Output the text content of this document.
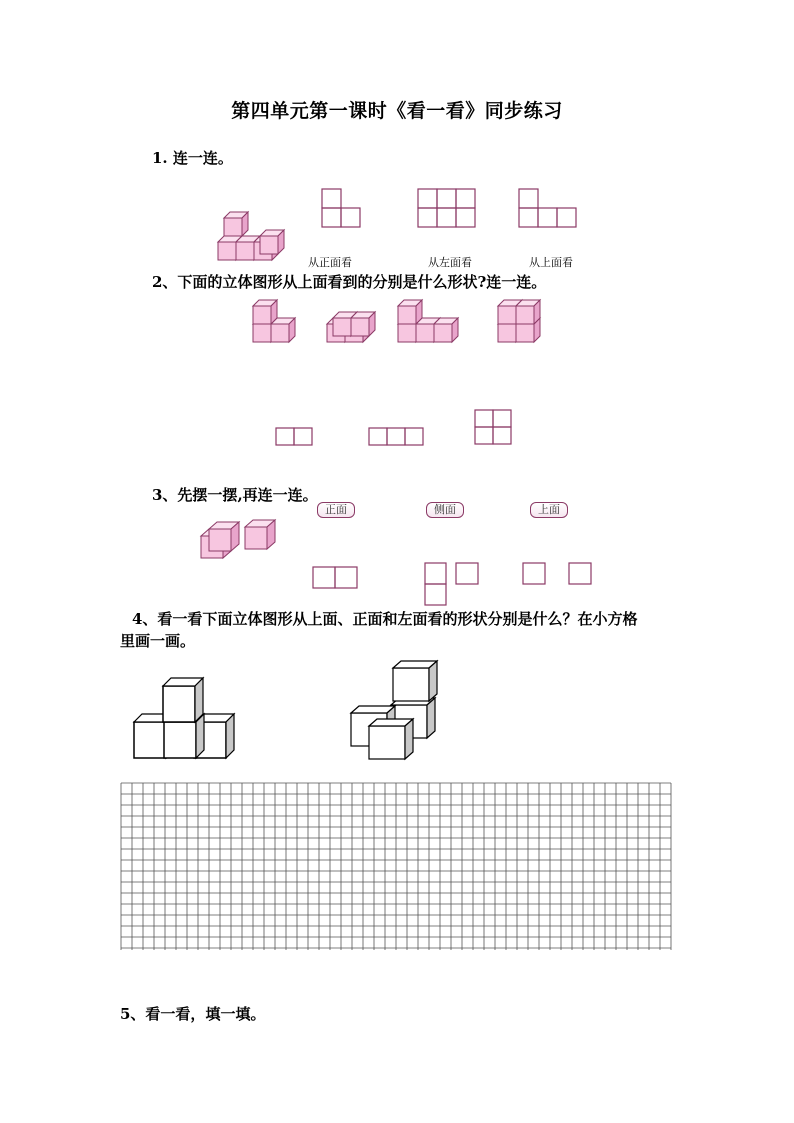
第四单元第一课时《看一看》同步练习
1. 连一连。
从正面看	从左面看	从上面看
2、下面的立体图形从上面看到的分别是什么形状?连一连。
3、先摆一摆,再连一连。
正面	侧面	上面
4、看一看下面立体图形从上面、正面和左面看的形状分别是什么？在小方格
里画一画。
5、看一看，填一填。
